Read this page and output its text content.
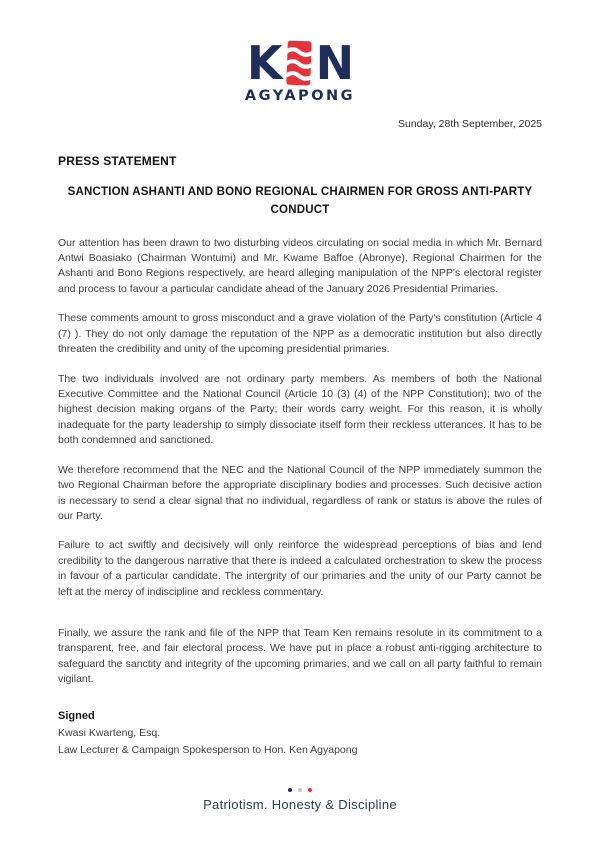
K N
AGYAPONG
Sunday, 28th September, 2025
PRESS STATEMENT
SANCTION ASHANTI AND BONO REGIONAL CHAIRMEN FOR GROSS ANTI-PARTY CONDUCT

Our attention has been drawn to two disturbing videos circulating on social media in which Mr. Bernard Antwi Boasiako (Chairman Wontumi) and Mr. Kwame Baffoe (Abronye), Regional Chairmen for the Ashanti and Bono Regions respectively, are heard alleging manipulation of the NPP's electoral register and process to favour a particular candidate ahead of the January 2026 Presidential Primaries.

These comments amount to gross misconduct and a grave violation of the Party's constitution (Article 4 (7) ). They do not only damage the reputation of the NPP as a democratic institution but also directly threaten the credibility and unity of the upcoming presidential primaries.

The two individuals involved are not ordinary party members. As members of both the National Executive Committee and the National Council (Article 10 (3) (4) of the NPP Constitution); two of the highest decision making organs of the Party; their words carry weight. For this reason, it is wholly inadequate for the party leadership to simply dissociate itself form their reckless utterances. It has to be both condemned and sanctioned.

We therefore recommend that the NEC and the National Council of the NPP immediately summon the two Regional Chairman before the appropriate disciplinary bodies and processes. Such decisive action is necessary to send a clear signal that no individual, regardless of rank or status is above the rules of our Party.

Failure to act swiftly and decisively will only reinforce the widespread perceptions of bias and lend credibility to the dangerous narrative that there is indeed a calculated orchestration to skew the process in favour of a particular candidate. The intergrity of our primaries and the unity of our Party cannot be left at the mercy of indiscipline and reckless commentary.

Finally, we assure the rank and file of the NPP that Team Ken remains resolute in its commitment to a transparent, free, and fair electoral process. We have put in place a robust anti-rigging architecture to safeguard the sanctity and integrity of the upcoming primaries, and we call on all party faithful to remain vigilant.

Signed
Kwasi Kwarteng, Esq.
Law Lecturer & Campaign Spokesperson to Hon. Ken Agyapong
Patriotism. Honesty & Discipline
